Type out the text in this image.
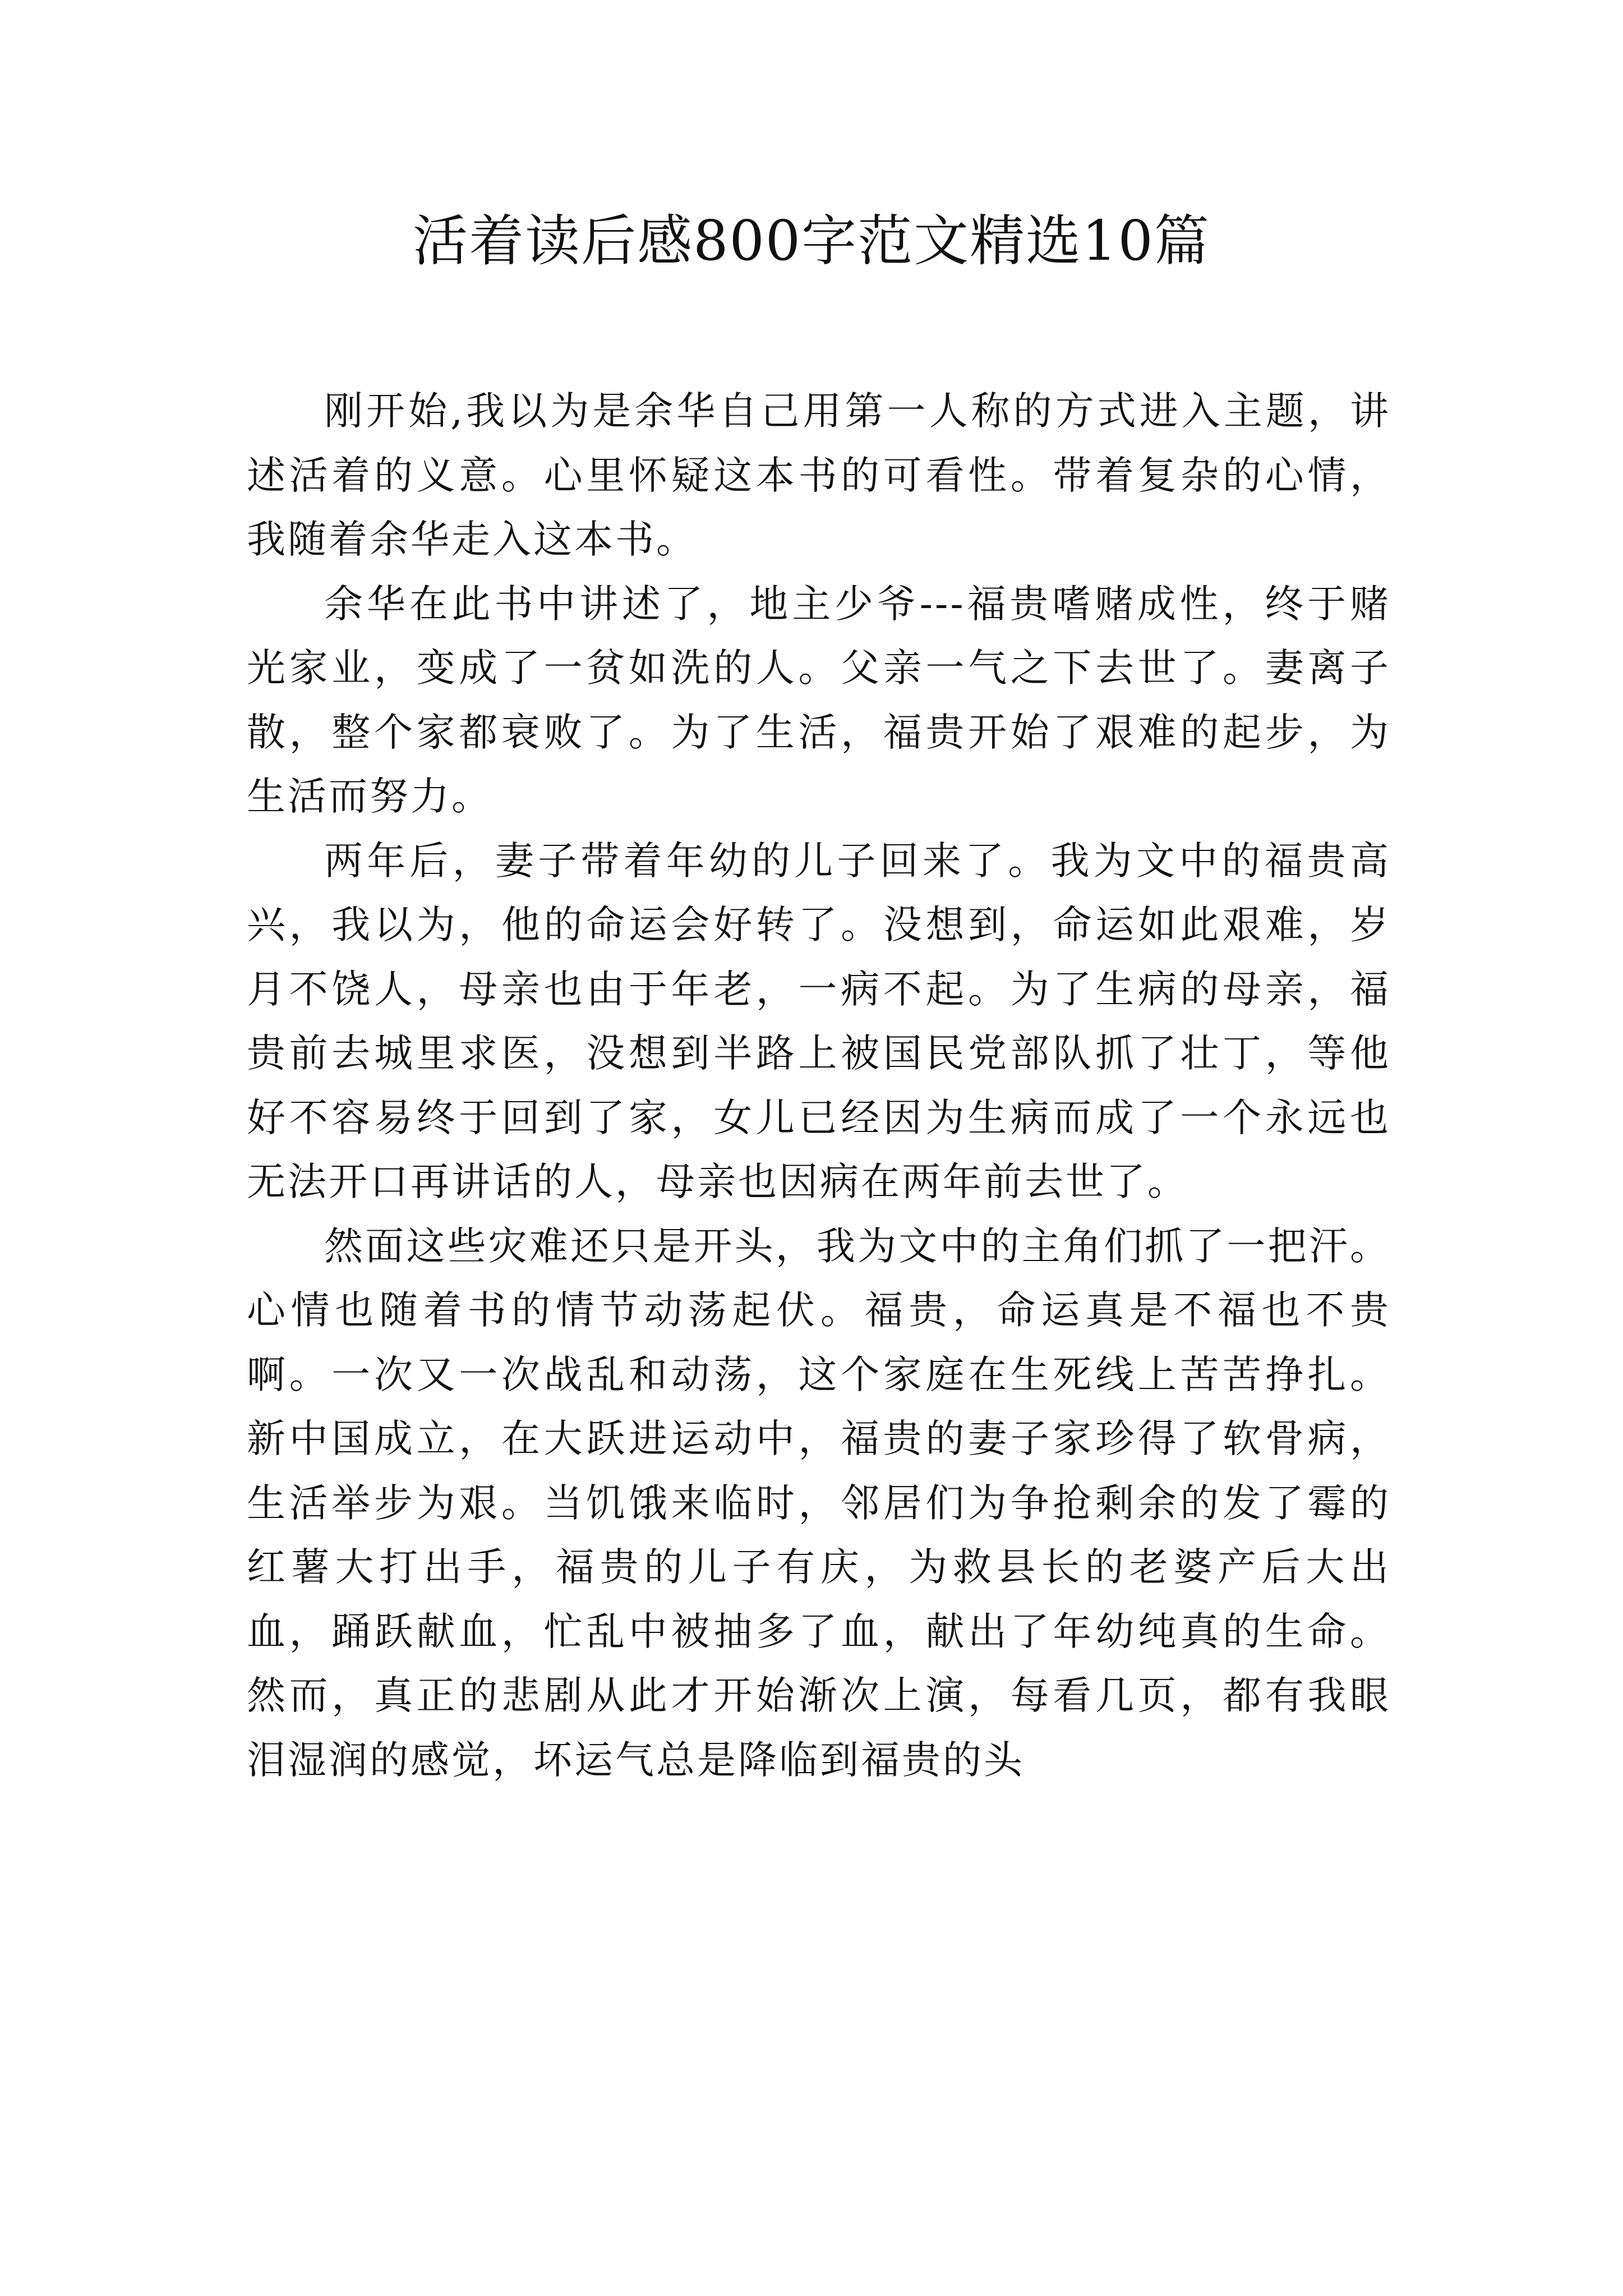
活着读后感800字范文精选10篇

刚开始,我以为是余华自己用第一人称的方式进入主题，讲述活着的义意。心里怀疑这本书的可看性。带着复杂的心情，我随着余华走入这本书。

余华在此书中讲述了，地主少爷---福贵嗜赌成性，终于赌光家业，变成了一贫如洗的人。父亲一气之下去世了。妻离子散，整个家都衰败了。为了生活，福贵开始了艰难的起步，为生活而努力。

两年后，妻子带着年幼的儿子回来了。我为文中的福贵高兴，我以为，他的命运会好转了。没想到，命运如此艰难，岁月不饶人，母亲也由于年老，一病不起。为了生病的母亲，福贵前去城里求医，没想到半路上被国民党部队抓了壮丁，等他好不容易终于回到了家，女儿已经因为生病而成了一个永远也无法开口再讲话的人，母亲也因病在两年前去世了。

然面这些灾难还只是开头，我为文中的主角们抓了一把汗。心情也随着书的情节动荡起伏。福贵，命运真是不福也不贵啊。一次又一次战乱和动荡，这个家庭在生死线上苦苦挣扎。新中国成立，在大跃进运动中，福贵的妻子家珍得了软骨病，生活举步为艰。当饥饿来临时，邻居们为争抢剩余的发了霉的红薯大打出手，福贵的儿子有庆，为救县长的老婆产后大出血，踊跃献血，忙乱中被抽多了血，献出了年幼纯真的生命。然而，真正的悲剧从此才开始渐次上演，每看几页，都有我眼泪湿润的感觉，坏运气总是降临到福贵的头
